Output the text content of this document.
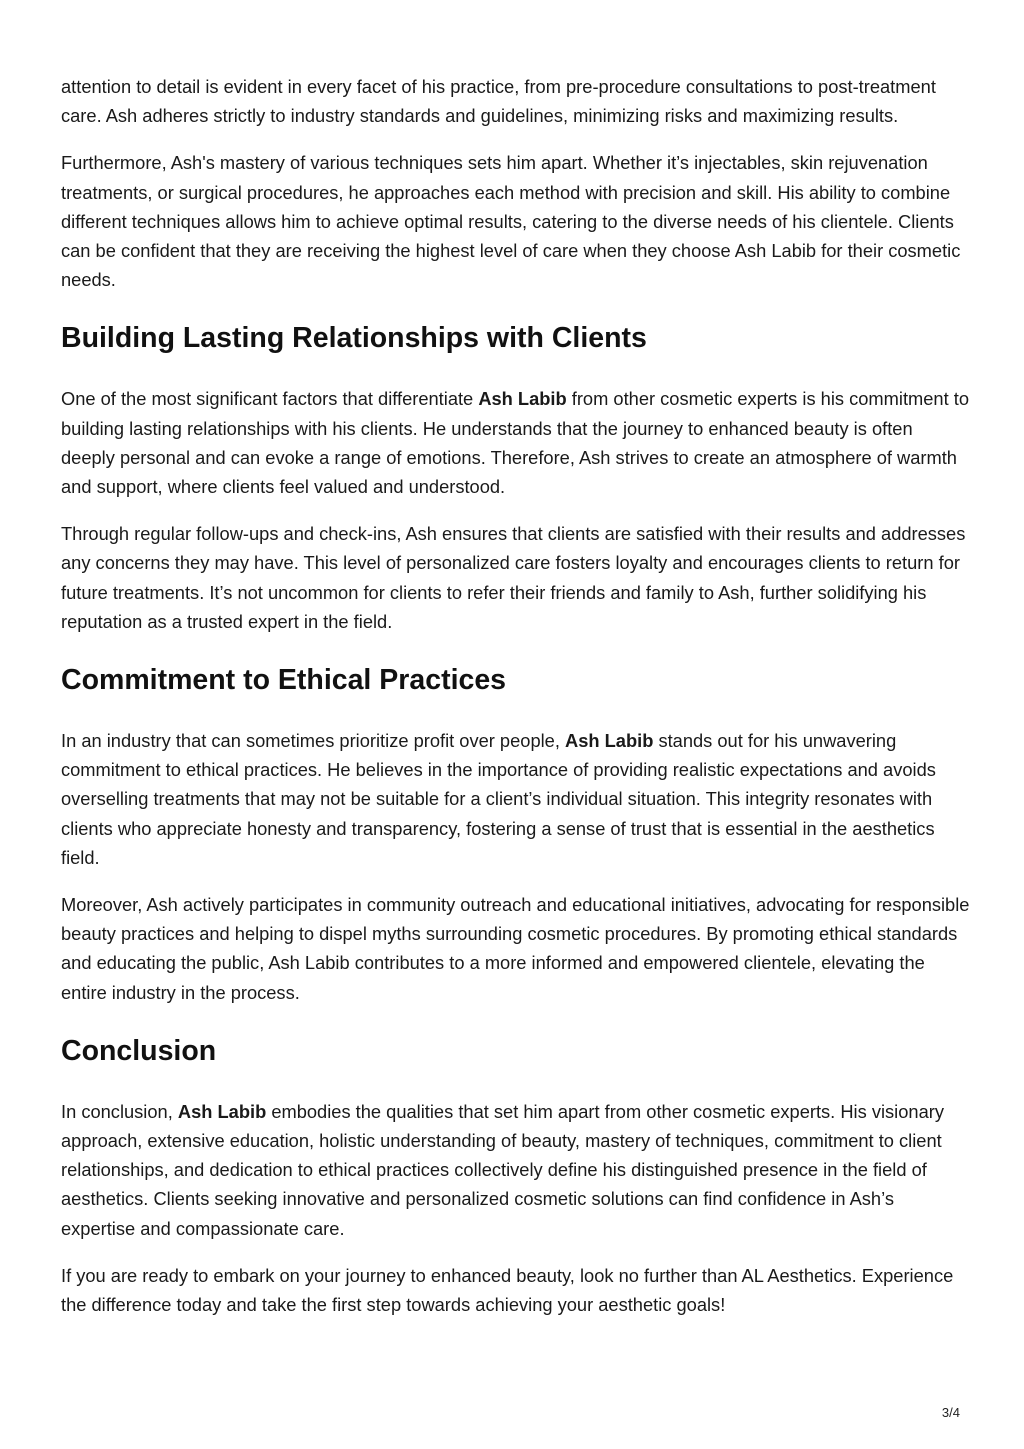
attention to detail is evident in every facet of his practice, from pre-procedure consultations to post-treatment care. Ash adheres strictly to industry standards and guidelines, minimizing risks and maximizing results.

Furthermore, Ash's mastery of various techniques sets him apart. Whether it’s injectables, skin rejuvenation treatments, or surgical procedures, he approaches each method with precision and skill. His ability to combine different techniques allows him to achieve optimal results, catering to the diverse needs of his clientele. Clients can be confident that they are receiving the highest level of care when they choose Ash Labib for their cosmetic needs.

Building Lasting Relationships with Clients

One of the most significant factors that differentiate Ash Labib from other cosmetic experts is his commitment to building lasting relationships with his clients. He understands that the journey to enhanced beauty is often deeply personal and can evoke a range of emotions. Therefore, Ash strives to create an atmosphere of warmth and support, where clients feel valued and understood.

Through regular follow-ups and check-ins, Ash ensures that clients are satisfied with their results and addresses any concerns they may have. This level of personalized care fosters loyalty and encourages clients to return for future treatments. It’s not uncommon for clients to refer their friends and family to Ash, further solidifying his reputation as a trusted expert in the field.

Commitment to Ethical Practices

In an industry that can sometimes prioritize profit over people, Ash Labib stands out for his unwavering commitment to ethical practices. He believes in the importance of providing realistic expectations and avoids overselling treatments that may not be suitable for a client’s individual situation. This integrity resonates with clients who appreciate honesty and transparency, fostering a sense of trust that is essential in the aesthetics field.

Moreover, Ash actively participates in community outreach and educational initiatives, advocating for responsible beauty practices and helping to dispel myths surrounding cosmetic procedures. By promoting ethical standards and educating the public, Ash Labib contributes to a more informed and empowered clientele, elevating the entire industry in the process.

Conclusion

In conclusion, Ash Labib embodies the qualities that set him apart from other cosmetic experts. His visionary approach, extensive education, holistic understanding of beauty, mastery of techniques, commitment to client relationships, and dedication to ethical practices collectively define his distinguished presence in the field of aesthetics. Clients seeking innovative and personalized cosmetic solutions can find confidence in Ash’s expertise and compassionate care.

If you are ready to embark on your journey to enhanced beauty, look no further than AL Aesthetics. Experience the difference today and take the first step towards achieving your aesthetic goals!

3/4
